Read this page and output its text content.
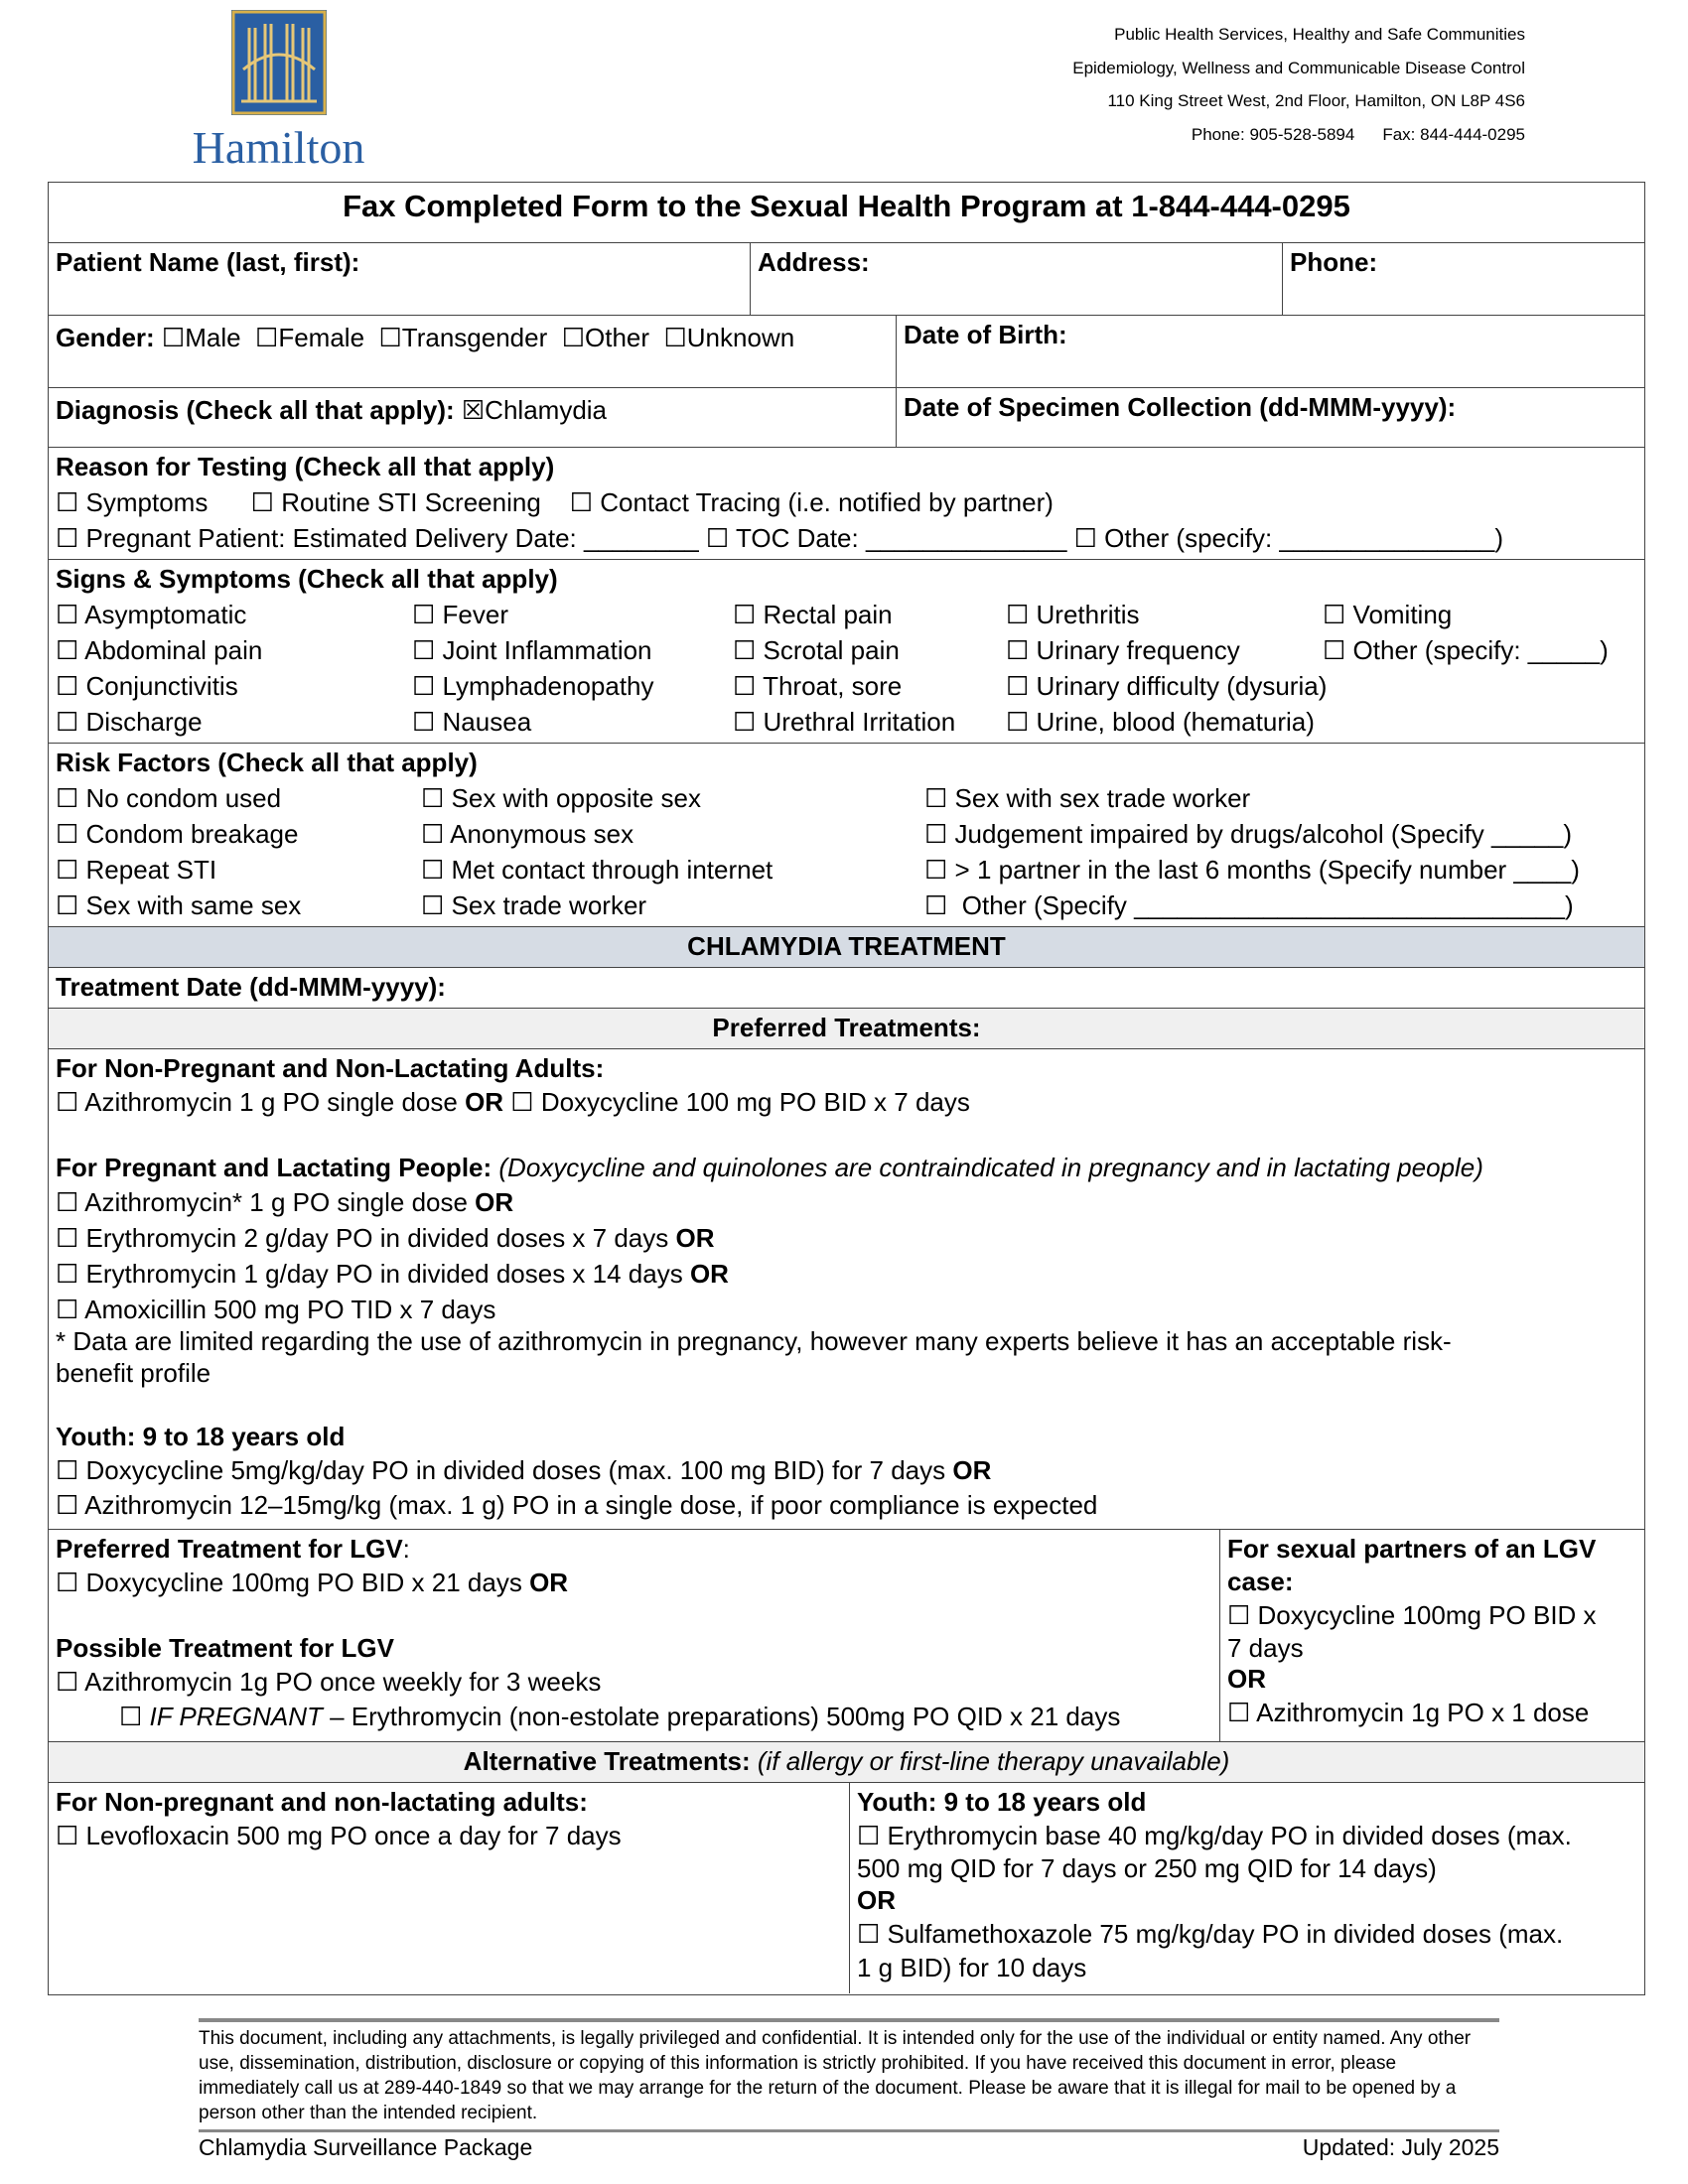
Hamilton
Public Health Services, Healthy and Safe Communities
Epidemiology, Wellness and Communicable Disease Control
110 King Street West, 2nd Floor, Hamilton, ON L8P 4S6
Phone: 905-528-5894 Fax: 844-444-0295
Fax Completed Form to the Sexual Health Program at 1-844-444-0295
Patient Name (last, first):	Address:	Phone:
Gender: ☐Male  ☐Female  ☐Transgender  ☐Other  ☐Unknown	Date of Birth:
Diagnosis (Check all that apply): ☒Chlamydia	Date of Specimen Collection (dd-MMM-yyyy):
Reason for Testing (Check all that apply)
☐ Symptoms      ☐ Routine STI Screening    ☐ Contact Tracing (i.e. notified by partner)
☐ Pregnant Patient: Estimated Delivery Date: ________ ☐ TOC Date: ______________ ☐ Other (specify: _______________)
Signs & Symptoms (Check all that apply)
☐ Asymptomatic	☐ Fever	☐ Rectal pain	☐ Urethritis	☐ Vomiting
☐ Abdominal pain	☐ Joint Inflammation	☐ Scrotal pain	☐ Urinary frequency	☐ Other (specify: _____)
☐ Conjunctivitis	☐ Lymphadenopathy	☐ Throat, sore	☐ Urinary difficulty (dysuria)
☐ Discharge	☐ Nausea	☐ Urethral Irritation ☐ Urine, blood (hematuria)
Risk Factors (Check all that apply)
☐ No condom used	☐ Sex with opposite sex	☐ Sex with sex trade worker
☐ Condom breakage	☐ Anonymous sex	☐ Judgement impaired by drugs/alcohol (Specify _____)
☐ Repeat STI	☐ Met contact through internet	☐ > 1 partner in the last 6 months (Specify number ____)
☐ Sex with same sex	☐ Sex trade worker	☐  Other (Specify ______________________________)
CHLAMYDIA TREATMENT
Treatment Date (dd-MMM-yyyy):
Preferred Treatments:
For Non-Pregnant and Non-Lactating Adults:
☐ Azithromycin 1 g PO single dose OR ☐ Doxycycline 100 mg PO BID x 7 days
For Pregnant and Lactating People: (Doxycycline and quinolones are contraindicated in pregnancy and in lactating people)
☐ Azithromycin* 1 g PO single dose OR
☐ Erythromycin 2 g/day PO in divided doses x 7 days OR
☐ Erythromycin 1 g/day PO in divided doses x 14 days OR
☐ Amoxicillin 500 mg PO TID x 7 days
* Data are limited regarding the use of azithromycin in pregnancy, however many experts believe it has an acceptable risk-
benefit profile
Youth: 9 to 18 years old
☐ Doxycycline 5mg/kg/day PO in divided doses (max. 100 mg BID) for 7 days OR
☐ Azithromycin 12–15mg/kg (max. 1 g) PO in a single dose, if poor compliance is expected
Preferred Treatment for LGV:
☐ Doxycycline 100mg PO BID x 21 days OR
Possible Treatment for LGV
☐ Azithromycin 1g PO once weekly for 3 weeks
☐ IF PREGNANT – Erythromycin (non-estolate preparations) 500mg PO QID x 21 days
For sexual partners of an LGV
case:
☐ Doxycycline 100mg PO BID x
7 days
OR
☐ Azithromycin 1g PO x 1 dose
Alternative Treatments: (if allergy or first-line therapy unavailable)
For Non-pregnant and non-lactating adults:
☐ Levofloxacin 500 mg PO once a day for 7 days
Youth: 9 to 18 years old
☐ Erythromycin base 40 mg/kg/day PO in divided doses (max.
500 mg QID for 7 days or 250 mg QID for 14 days)
OR
☐ Sulfamethoxazole 75 mg/kg/day PO in divided doses (max.
1 g BID) for 10 days
This document, including any attachments, is legally privileged and confidential. It is intended only for the use of the individual or entity named. Any other use, dissemination, distribution, disclosure or copying of this information is strictly prohibited. If you have received this document in error, please immediately call us at 289-440-1849 so that we may arrange for the return of the document. Please be aware that it is illegal for mail to be opened by a person other than the intended recipient.
Chlamydia Surveillance Package	Updated: July 2025
